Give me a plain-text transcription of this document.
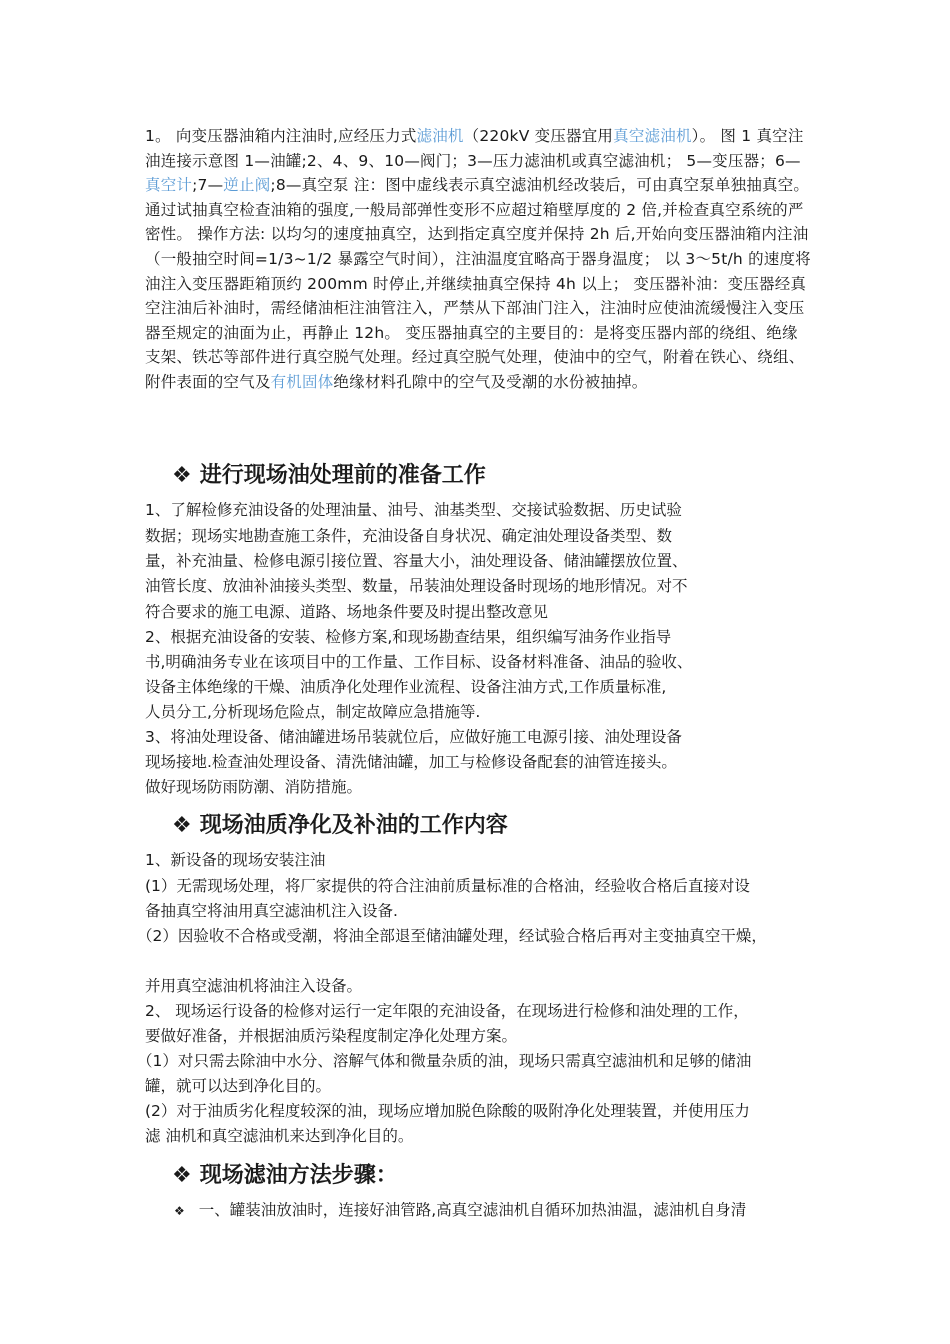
1。 向变压器油箱内注油时,应经压力式滤油机（220kV 变压器宜用真空滤油机）。 图 1 真空注油连接示意图 1—油罐;2、4、9、10—阀门；3—压力滤油机或真空滤油机； 5—变压器；6—真空计;7—逆止阀;8—真空泵 注：图中虚线表示真空滤油机经改装后，可由真空泵单独抽真空。 通过试抽真空检查油箱的强度,一般局部弹性变形不应超过箱壁厚度的 2 倍,并检查真空系统的严密性。 操作方法: 以均匀的速度抽真空，达到指定真空度并保持 2h 后,开始向变压器油箱内注油（一般抽空时间=1/3~1/2 暴露空气时间），注油温度宜略高于器身温度； 以 3～5t/h 的速度将油注入变压器距箱顶约 200mm 时停止,并继续抽真空保持 4h 以上； 变压器补油：变压器经真空注油后补油时，需经储油柜注油管注入，严禁从下部油门注入，注油时应使油流缓慢注入变压器至规定的油面为止，再静止 12h。 变压器抽真空的主要目的：是将变压器内部的绕组、绝缘支架、铁芯等部件进行真空脱气处理。经过真空脱气处理，使油中的空气，附着在铁心、绕组、附件表面的空气及有机固体绝缘材料孔隙中的空气及受潮的水份被抽掉。
❖ 进行现场油处理前的准备工作
1、了解检修充油设备的处理油量、油号、油基类型、交接试验数据、历史试验
数据；现场实地勘查施工条件，充油设备自身状况、确定油处理设备类型、数
量，补充油量、检修电源引接位置、容量大小，油处理设备、储油罐摆放位置、
油管长度、放油补油接头类型、数量，吊装油处理设备时现场的地形情况。对不
符合要求的施工电源、道路、场地条件要及时提出整改意见
2、根据充油设备的安装、检修方案,和现场勘查结果，组织编写油务作业指导
书,明确油务专业在该项目中的工作量、工作目标、设备材料准备、油品的验收、
设备主体绝缘的干燥、油质净化处理作业流程、设备注油方式,工作质量标准,
人员分工,分析现场危险点，制定故障应急措施等.
3、将油处理设备、储油罐进场吊装就位后，应做好施工电源引接、油处理设备
现场接地.检查油处理设备、清洗储油罐，加工与检修设备配套的油管连接头。
做好现场防雨防潮、消防措施。
❖ 现场油质净化及补油的工作内容
1、新设备的现场安装注油
(1）无需现场处理，将厂家提供的符合注油前质量标准的合格油，经验收合格后直接对设
备抽真空将油用真空滤油机注入设备.
（2）因验收不合格或受潮，将油全部退至储油罐处理，经试验合格后再对主变抽真空干燥，
并用真空滤油机将油注入设备。
2、 现场运行设备的检修对运行一定年限的充油设备，在现场进行检修和油处理的工作，
要做好准备，并根据油质污染程度制定净化处理方案。
（1）对只需去除油中水分、溶解气体和微量杂质的油，现场只需真空滤油机和足够的储油
罐，就可以达到净化目的。
(2）对于油质劣化程度较深的油，现场应增加脱色除酸的吸附净化处理装置，并使用压力
滤 油机和真空滤油机来达到净化目的。
❖ 现场滤油方法步骤：
❖ 一、罐装油放油时，连接好油管路,高真空滤油机自循环加热油温，滤油机自身清
